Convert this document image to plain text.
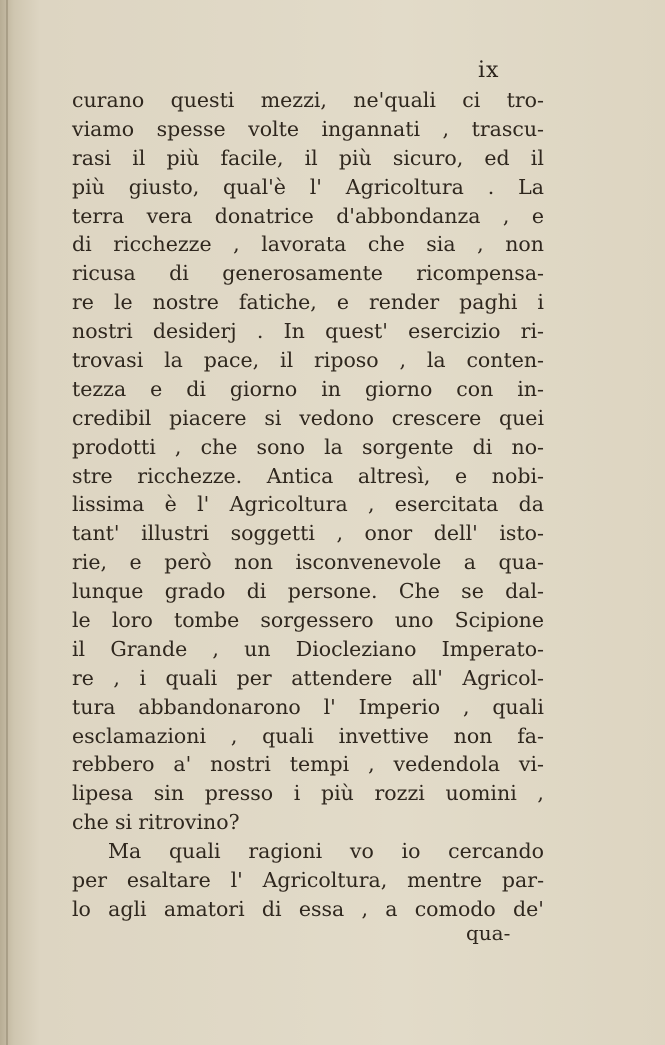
ix
curano questi mezzi, ne'quali ci tro-
viamo spesse volte ingannati , trascu-
rasi il più facile, il più sicuro, ed il
più giusto, qual'è l' Agricoltura . La
terra vera donatrice d'abbondanza , e
di ricchezze , lavorata che sia , non
ricusa di generosamente ricompensa-
re le nostre fatiche, e render paghi i
nostri desiderj . In quest' esercizio ri-
trovasi la pace, il riposo , la conten-
tezza e di giorno in giorno con in-
credibil piacere si vedono crescere quei
prodotti , che sono la sorgente di no-
stre ricchezze. Antica altresì, e nobi-
lissima è l' Agricoltura , esercitata da
tant' illustri soggetti , onor dell' isto-
rie, e però non isconvenevole a qua-
lunque grado di persone. Che se dal-
le loro tombe sorgessero uno Scipione
il Grande , un Diocleziano Imperato-
re , i quali per attendere all' Agricol-
tura abbandonarono l' Imperio , quali
esclamazioni , quali invettive non fa-
rebbero a' nostri tempi , vedendola vi-
lipesa sin presso i più rozzi uomini ,
che si ritrovino?
Ma quali ragioni vo io cercando
per esaltare l' Agricoltura, mentre par-
lo agli amatori di essa , a comodo de'
qua-
